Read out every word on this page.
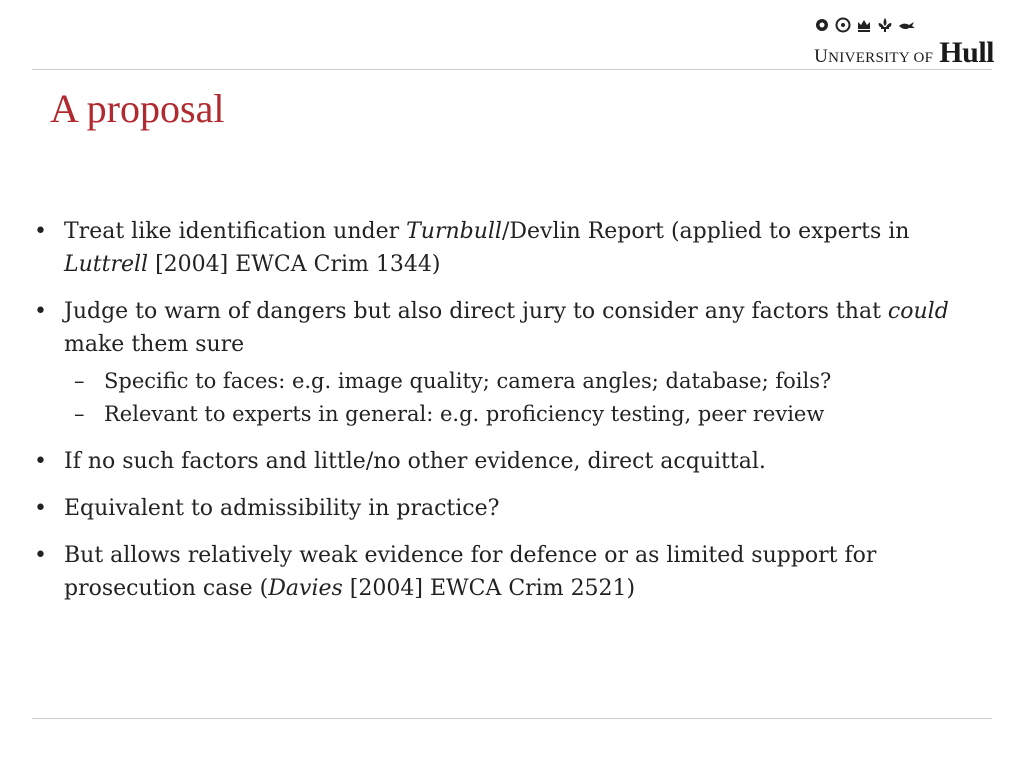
UNIVERSITY OF Hull
A proposal
• Treat like identification under Turnbull/Devlin Report (applied to experts in Luttrell [2004] EWCA Crim 1344)
• Judge to warn of dangers but also direct jury to consider any factors that could make them sure
– Specific to faces: e.g. image quality; camera angles; database; foils?
– Relevant to experts in general: e.g. proficiency testing, peer review
• If no such factors and little/no other evidence, direct acquittal.
• Equivalent to admissibility in practice?
• But allows relatively weak evidence for defence or as limited support for prosecution case (Davies [2004] EWCA Crim 2521)
